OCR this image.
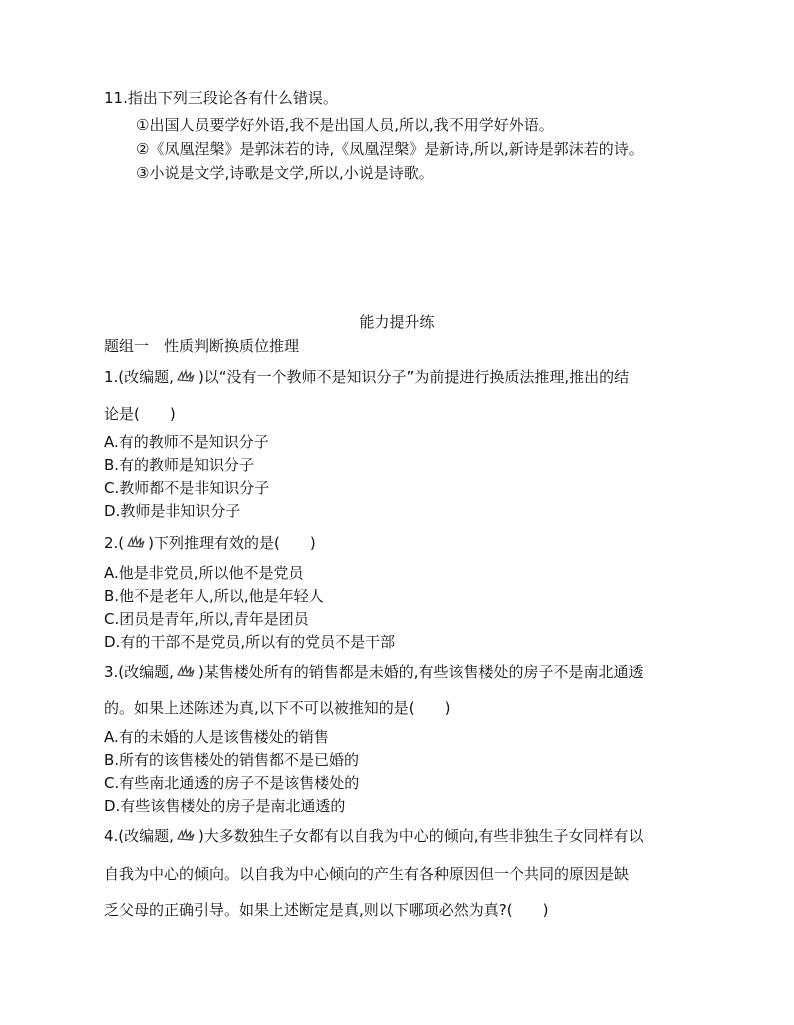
11.指出下列三段论各有什么错误。
①出国人员要学好外语,我不是出国人员,所以,我不用学好外语。
②《凤凰涅槃》是郭沫若的诗,《凤凰涅槃》是新诗,所以,新诗是郭沫若的诗。
③小说是文学,诗歌是文学,所以,小说是诗歌。
能力提升练
题组一　性质判断换质位推理
1.(改编题, )以“没有一个教师不是知识分子”为前提进行换质法推理,推出的结
论是(　　)
A.有的教师不是知识分子
B.有的教师是知识分子
C.教师都不是非知识分子
D.教师是非知识分子
2.( )下列推理有效的是(　　)
A.他是非党员,所以他不是党员
B.他不是老年人,所以,他是年轻人
C.团员是青年,所以,青年是团员
D.有的干部不是党员,所以有的党员不是干部
3.(改编题, )某售楼处所有的销售都是未婚的,有些该售楼处的房子不是南北通透
的。如果上述陈述为真,以下不可以被推知的是(　　)
A.有的未婚的人是该售楼处的销售
B.所有的该售楼处的销售都不是已婚的
C.有些南北通透的房子不是该售楼处的
D.有些该售楼处的房子是南北通透的
4.(改编题, )大多数独生子女都有以自我为中心的倾向,有些非独生子女同样有以
自我为中心的倾向。以自我为中心倾向的产生有各种原因但一个共同的原因是缺
乏父母的正确引导。如果上述断定是真,则以下哪项必然为真?(　　)
